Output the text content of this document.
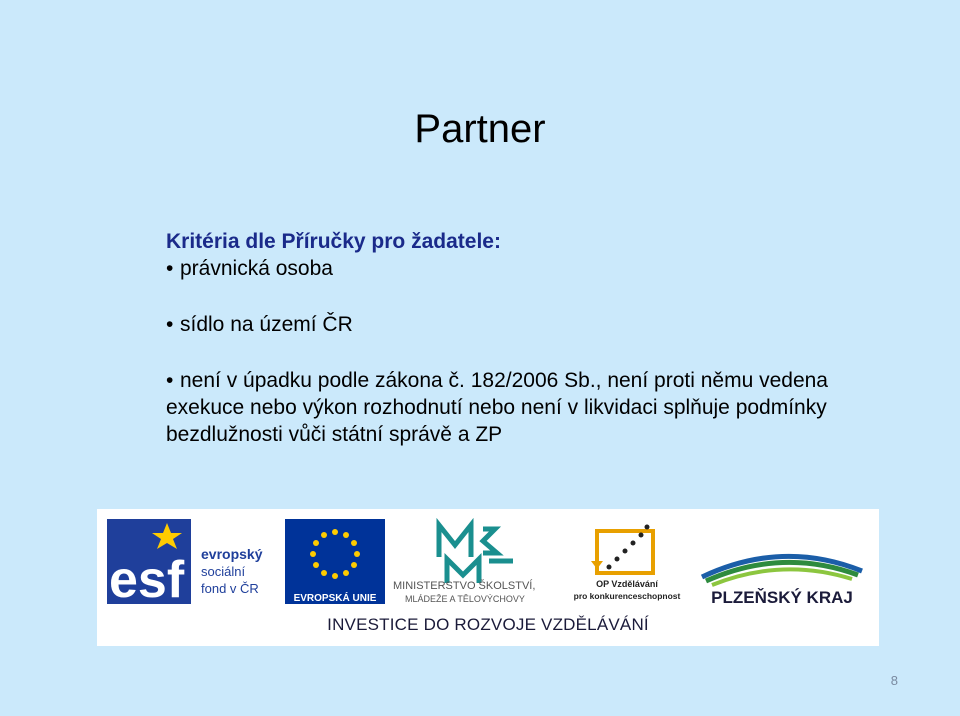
Partner

Kritéria dle Příručky pro žadatele:

• právnická osoba

• sídlo na území ČR

• není v úpadku podle zákona č. 182/2006 Sb., není proti němu vedena exekuce nebo výkon rozhodnutí nebo není v likvidaci splňuje podmínky bezdlužnosti vůči státní správě a ZP

esf evropský
sociální
fond v ČR
EVROPSKÁ UNIE
MINISTERSTVO ŠKOLSTVÍ,
MLÁDEŽE A TĚLOVÝCHOVY
OP Vzdělávání
pro konkurenceschopnost PLZEŇSKÝ KRAJ
INVESTICE DO ROZVOJE VZDĚLÁVÁNÍ
8
